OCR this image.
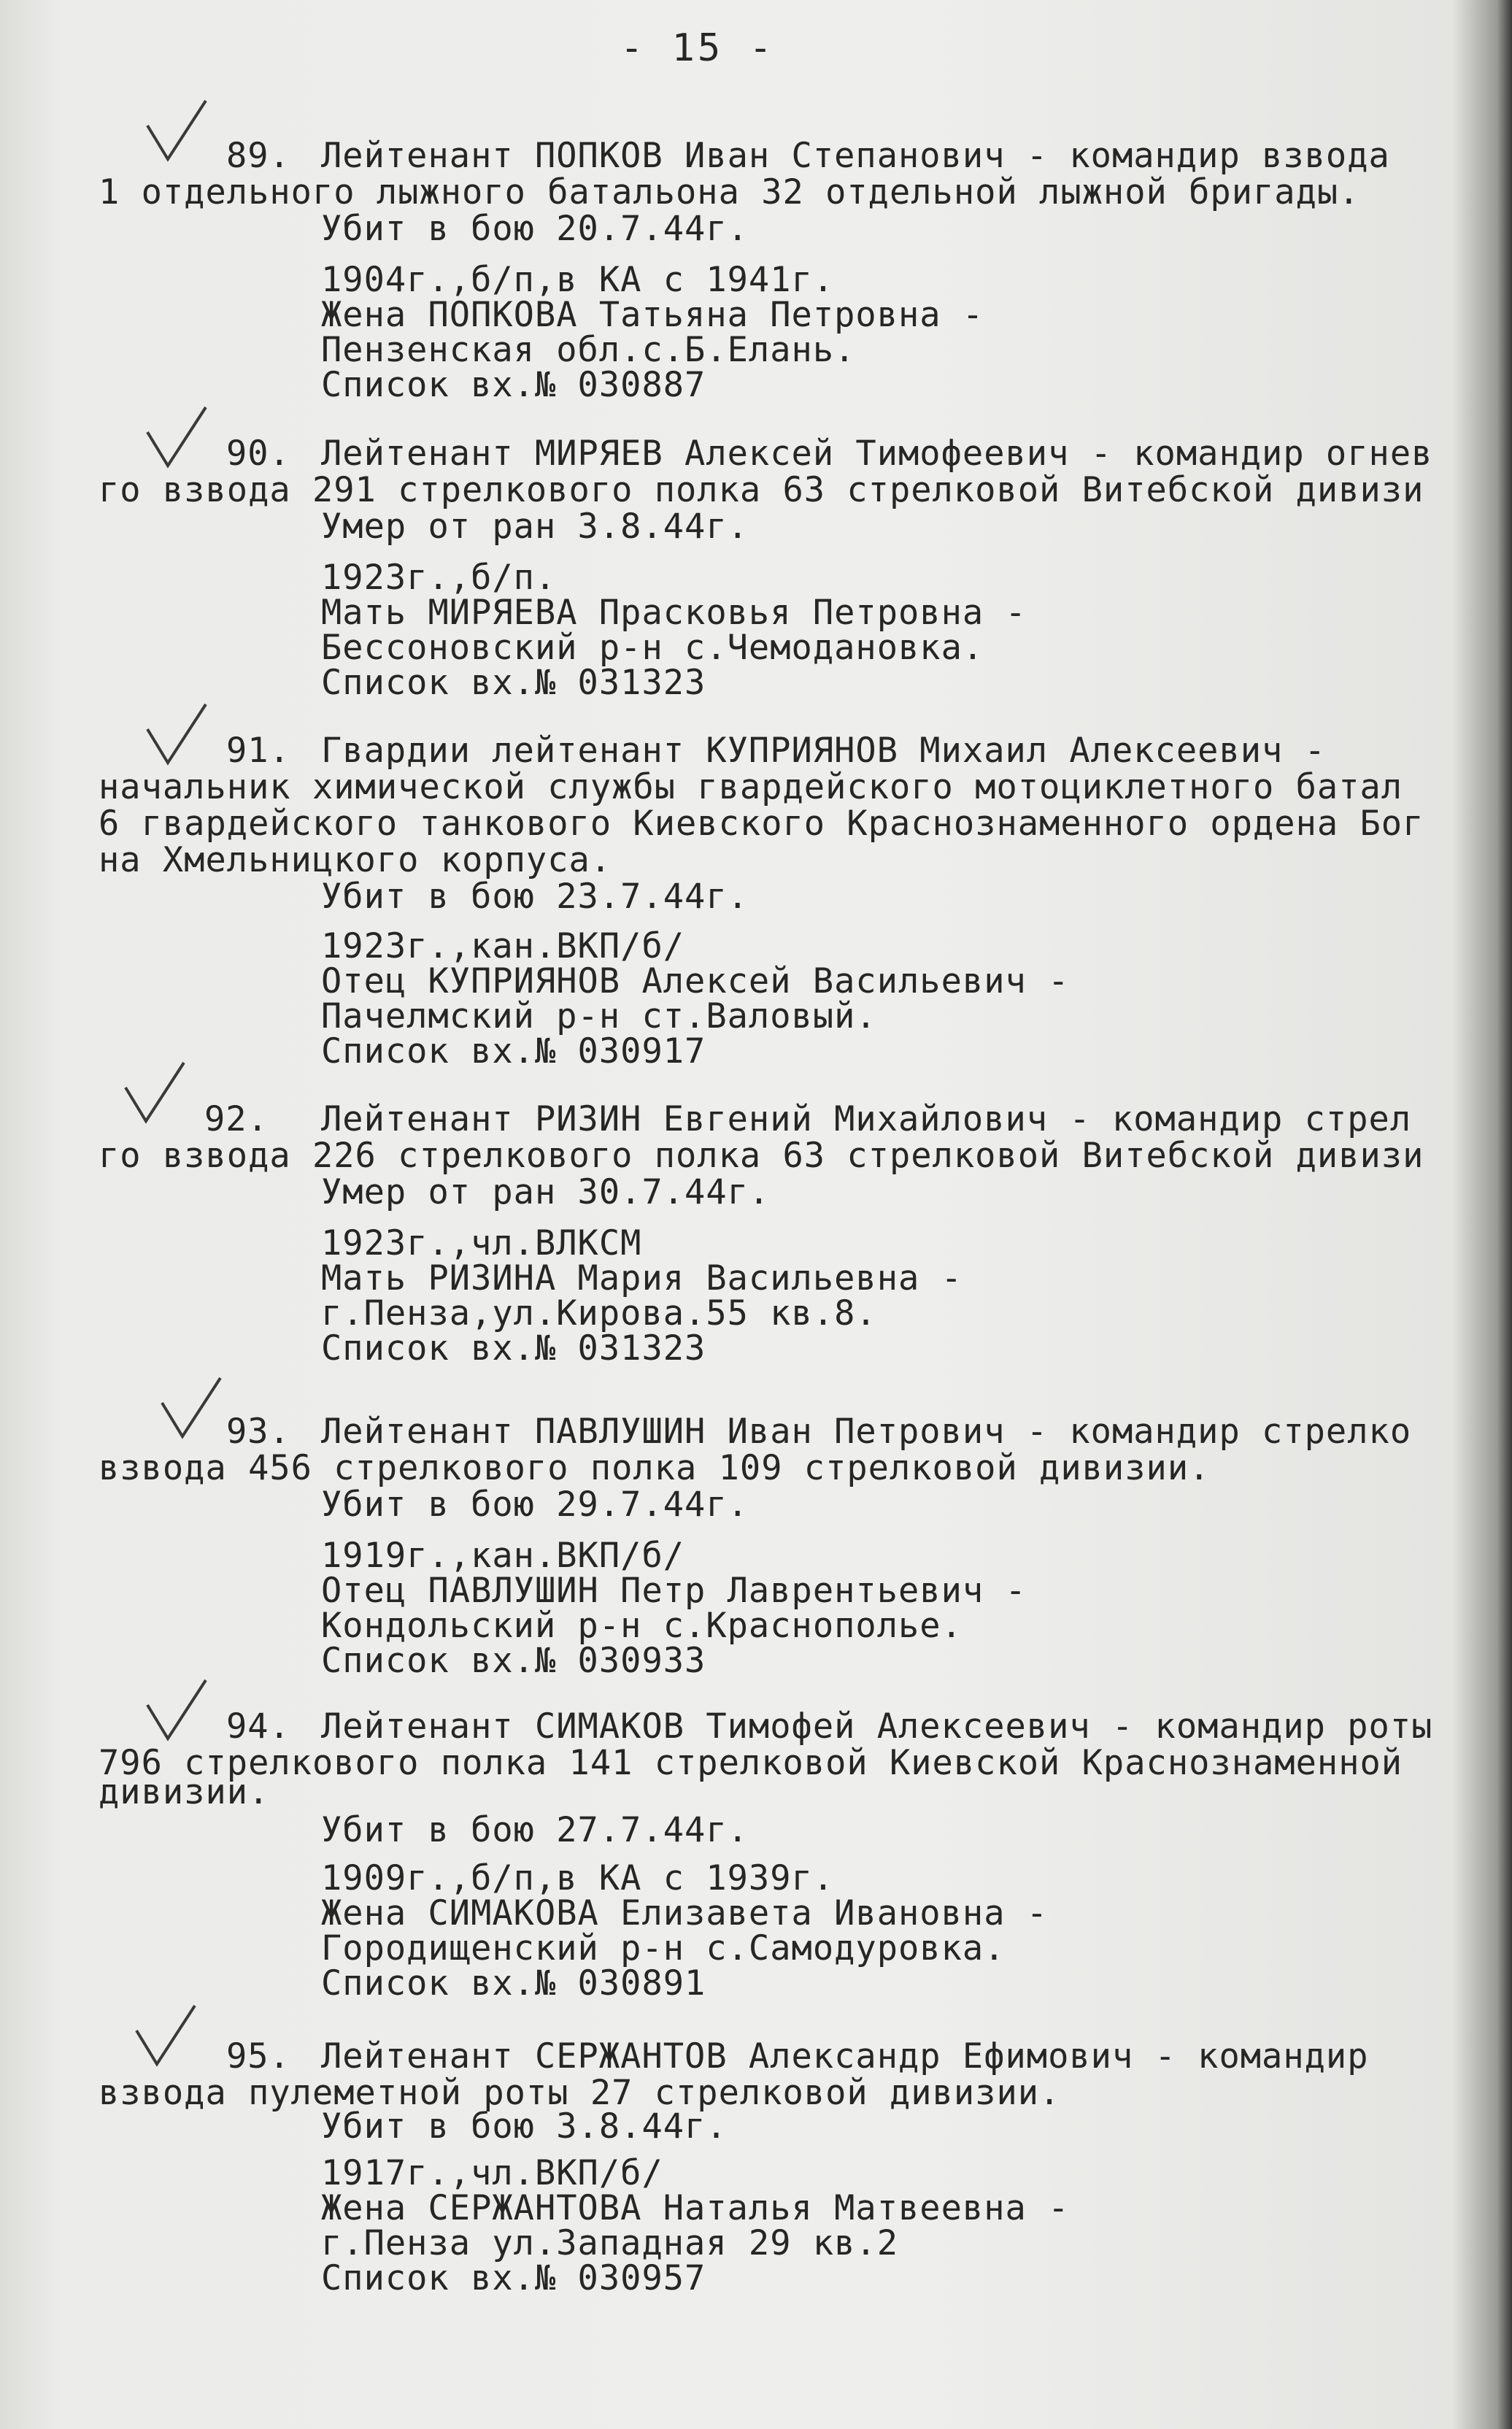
- 15 -
89. Лейтенант ПОПКОВ Иван Степанович - командир взвода
1 отдельного лыжного батальона 32 отдельной лыжной бригады.
Убит в бою 20.7.44г.
1904г.,б/п,в КА с 1941г.
Жена ПОПКОВА Татьяна Петровна -
Пензенская обл.с.Б.Елань.
Список вх.№ 030887
90. Лейтенант МИРЯЕВ Алексей Тимофеевич - командир огнев
го взвода 291 стрелкового полка 63 стрелковой Витебской дивизи
Умер от ран 3.8.44г.
1923г.,б/п.
Мать МИРЯЕВА Прасковья Петровна -
Бессоновский р-н с.Чемодановка.
Список вх.№ 031323
91. Гвардии лейтенант КУПРИЯНОВ Михаил Алексеевич -
начальник химической службы гвардейского мотоциклетного батал
6 гвардейского танкового Киевского Краснознаменного ордена Бог
на Хмельницкого корпуса.
Убит в бою 23.7.44г.
1923г.,кан.ВКП/б/
Отец КУПРИЯНОВ Алексей Васильевич -
Пачелмский р-н ст.Валовый.
Список вх.№ 030917
92. Лейтенант РИЗИН Евгений Михайлович - командир стрел
го взвода 226 стрелкового полка 63 стрелковой Витебской дивизи
Умер от ран 30.7.44г.
1923г.,чл.ВЛКСМ
Мать РИЗИНА Мария Васильевна -
г.Пенза,ул.Кирова.55 кв.8.
Список вх.№ 031323
93. Лейтенант ПАВЛУШИН Иван Петрович - командир стрелко
взвода 456 стрелкового полка 109 стрелковой дивизии.
Убит в бою 29.7.44г.
1919г.,кан.ВКП/б/
Отец ПАВЛУШИН Петр Лаврентьевич -
Кондольский р-н с.Краснополье.
Список вх.№ 030933
94. Лейтенант СИМАКОВ Тимофей Алексеевич - командир роты
796 стрелкового полка 141 стрелковой Киевской Краснознаменной
дивизии.
Убит в бою 27.7.44г.
1909г.,б/п,в КА с 1939г.
Жена СИМАКОВА Елизавета Ивановна -
Городищенский р-н с.Самодуровка.
Список вх.№ 030891
95. Лейтенант СЕРЖАНТОВ Александр Ефимович - командир
взвода пулеметной роты 27 стрелковой дивизии.
Убит в бою 3.8.44г.
1917г.,чл.ВКП/б/
Жена СЕРЖАНТОВА Наталья Матвеевна -
г.Пенза ул.Западная 29 кв.2
Список вх.№ 030957
